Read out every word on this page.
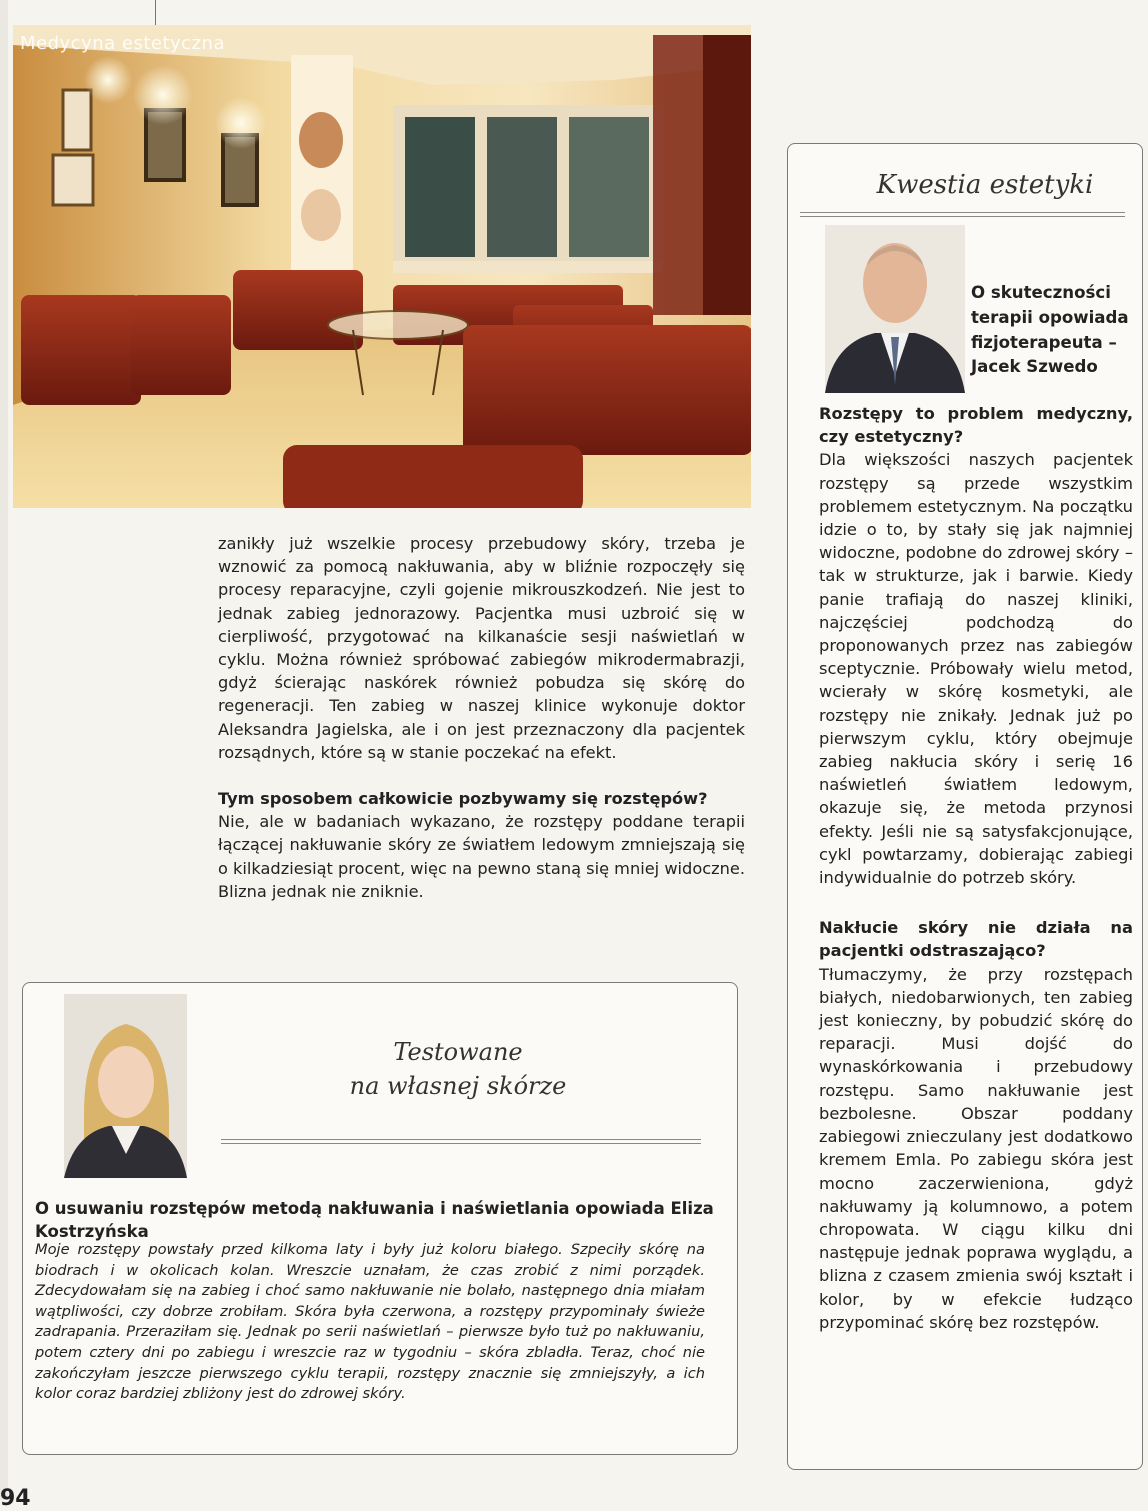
Medycyna estetyczna

zanikły już wszelkie procesy przebudowy skóry, trzeba je wznowić za pomocą nakłuwania, aby w bliźnie rozpoczęły się procesy reparacyjne, czyli gojenie mikrouszkodzeń. Nie jest to jednak zabieg jednorazowy. Pacjentka musi uzbroić się w cierpliwość, przygotować na kilkanaście sesji naświetlań w cyklu. Można również spróbować zabiegów mikrodermabrazji, gdyż ścierając naskórek również pobudza się skórę do regeneracji. Ten zabieg w naszej klinice wykonuje doktor Aleksandra Jagielska, ale i on jest przeznaczony dla pacjentek rozsądnych, które są w stanie poczekać na efekt.

Tym sposobem całkowicie pozbywamy się rozstępów?

Nie, ale w badaniach wykazano, że rozstępy poddane terapii łączącej nakłuwanie skóry ze światłem ledowym zmniejszają się o kilkadziesiąt procent, więc na pewno staną się mniej widoczne. Blizna jednak nie zniknie.

Testowane
na własnej skórze
O usuwaniu rozstępów metodą nakłuwania i naświetlania opowiada Eliza Kostrzyńska
Moje rozstępy powstały przed kilkoma laty i były już koloru białego. Szpeciły skórę na biodrach i w okolicach kolan. Wreszcie uznałam, że czas zrobić z nimi porządek. Zdecydowałam się na zabieg i choć samo nakłuwanie nie bolało, następnego dnia miałam wątpliwości, czy dobrze zrobiłam. Skóra była czerwona, a rozstępy przypominały świeże zadrapania. Przeraziłam się. Jednak po serii naświetlań – pierwsze było tuż po nakłuwaniu, potem cztery dni po zabiegu i wreszcie raz w tygodniu – skóra zbladła. Teraz, choć nie zakończyłam jeszcze pierwszego cyklu terapii, rozstępy znacznie się zmniejszyły, a ich kolor coraz bardziej zbliżony jest do zdrowej skóry.
Kwestia estetyki
O skuteczności terapii opowiada fizjoterapeuta – Jacek Szwedo

Rozstępy to problem medyczny, czy estetyczny?

Dla większości naszych pacjentek rozstępy są przede wszystkim problemem estetycznym. Na początku idzie o to, by stały się jak najmniej widoczne, podobne do zdrowej skóry – tak w strukturze, jak i barwie. Kiedy panie trafiają do naszej kliniki, najczęściej podchodzą do proponowanych przez nas zabiegów sceptycznie. Próbowały wielu metod, wcierały w skórę kosmetyki, ale rozstępy nie znikały. Jednak już po pierwszym cyklu, który obejmuje zabieg nakłucia skóry i serię 16 naświetleń światłem ledowym, okazuje się, że metoda przynosi efekty. Jeśli nie są satysfakcjonujące, cykl powtarzamy, dobierając zabiegi indywidualnie do potrzeb skóry.

Nakłucie skóry nie działa na pacjentki odstraszająco?

Tłumaczymy, że przy rozstępach białych, niedobarwionych, ten zabieg jest konieczny, by pobudzić skórę do reparacji. Musi dojść do wynaskórkowania i przebudowy rozstępu. Samo nakłuwanie jest bezbolesne. Obszar poddany zabiegowi znieczulany jest dodatkowo kremem Emla. Po zabiegu skóra jest mocno zaczerwieniona, gdyż nakłuwamy ją kolumnowo, a potem chropowata. W ciągu kilku dni następuje jednak poprawa wyglądu, a blizna z czasem zmienia swój kształt i kolor, by w efekcie łudząco przypominać skórę bez rozstępów.

94
